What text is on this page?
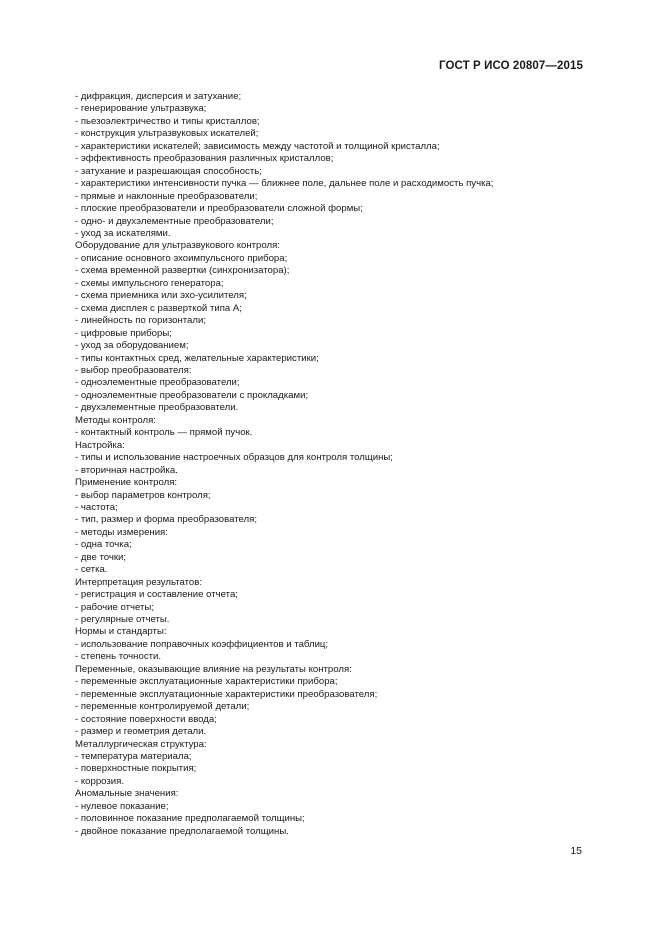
ГОСТ Р ИСО 20807—2015
- дифракция, дисперсия и затухание;
- генерирование ультразвука;
- пьезоэлектричество и типы кристаллов;
- конструкция ультразвуковых искателей;
- характеристики искателей; зависимость между частотой и толщиной кристалла;
- эффективность преобразования различных кристаллов;
- затухание и разрешающая способность;
- характеристики интенсивности пучка — ближнее поле, дальнее поле и расходимость пучка;
- прямые и наклонные преобразователи;
- плоские преобразователи и преобразователи сложной формы;
- одно- и двухэлементные преобразователи;
- уход за искателями.
Оборудование для ультразвукового контроля:
- описание основного эхоимпульсного прибора;
- схема временной развертки (синхронизатора);
- схемы импульсного генератора;
- схема приемника или эхо-усилителя;
- схема дисплея с разверткой типа А;
- линейность по горизонтали;
- цифровые приборы;
- уход за оборудованием;
- типы контактных сред, желательные характеристики;
- выбор преобразователя:
- одноэлементные преобразователи;
- одноэлементные преобразователи с прокладками;
- двухэлементные преобразователи.
Методы контроля:
- контактный контроль — прямой пучок.
Настройка:
- типы и использование настроечных образцов для контроля толщины;
- вторичная настройка.
Применение контроля:
- выбор параметров контроля;
- частота;
- тип, размер и форма преобразователя;
- методы измерения:
- одна точка;
- две точки;
- сетка.
Интерпретация результатов:
- регистрация и составление отчета;
- рабочие отчеты;
- регулярные отчеты.
Нормы и стандарты:
- использование поправочных коэффициентов и таблиц;
- степень точности.
Переменные, оказывающие влияние на результаты контроля:
- переменные эксплуатационные характеристики прибора;
- переменные эксплуатационные характеристики преобразователя;
- переменные контролируемой детали;
- состояние поверхности ввода;
- размер и геометрия детали.
Металлургическая структура:
- температура материала;
- поверхностные покрытия;
- коррозия.
Аномальные значения:
- нулевое показание;
- половинное показание предполагаемой толщины;
- двойное показание предполагаемой толщины.
15
